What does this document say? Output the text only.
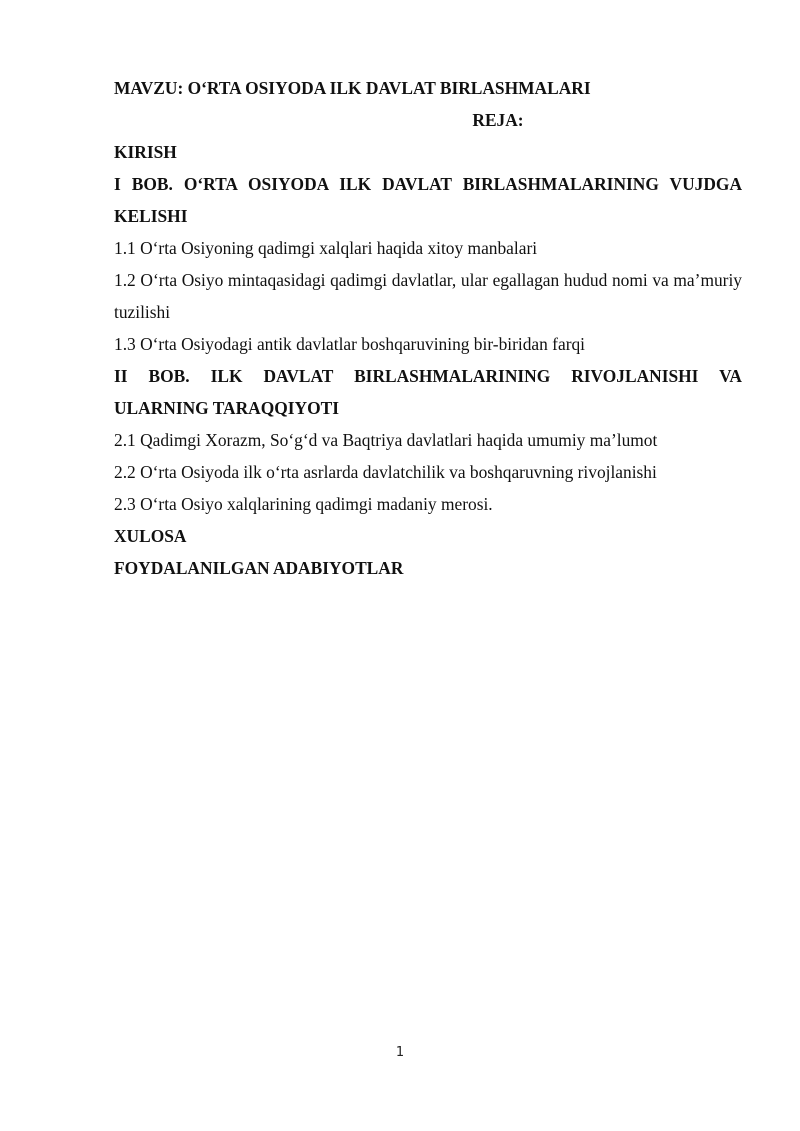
MAVZU: O‘RTA OSIYODA ILK DAVLAT BIRLASHMALARI

REJA:

KIRISH

I BOB. O‘RTA OSIYODA ILK DAVLAT BIRLASHMALARINING VUJDGA

KELISHI

1.1 O‘rta Osiyoning qadimgi xalqlari haqida xitoy manbalari

1.2 O‘rta Osiyo mintaqasidagi qadimgi davlatlar, ular egallagan hudud nomi va ma’muriy tuzilishi

1.3 O‘rta Osiyodagi antik davlatlar boshqaruvining bir-biridan farqi

II BOB. ILK DAVLAT BIRLASHMALARINING RIVOJLANISHI VA

ULARNING TARAQQIYOTI

2.1 Qadimgi Xorazm, So‘g‘d va Baqtriya davlatlari haqida umumiy ma’lumot

2.2 O‘rta Osiyoda ilk o‘rta asrlarda davlatchilik va boshqaruvning rivojlanishi

2.3 O‘rta Osiyo xalqlarining qadimgi madaniy merosi.

XULOSA

FOYDALANILGAN ADABIYOTLAR

1
